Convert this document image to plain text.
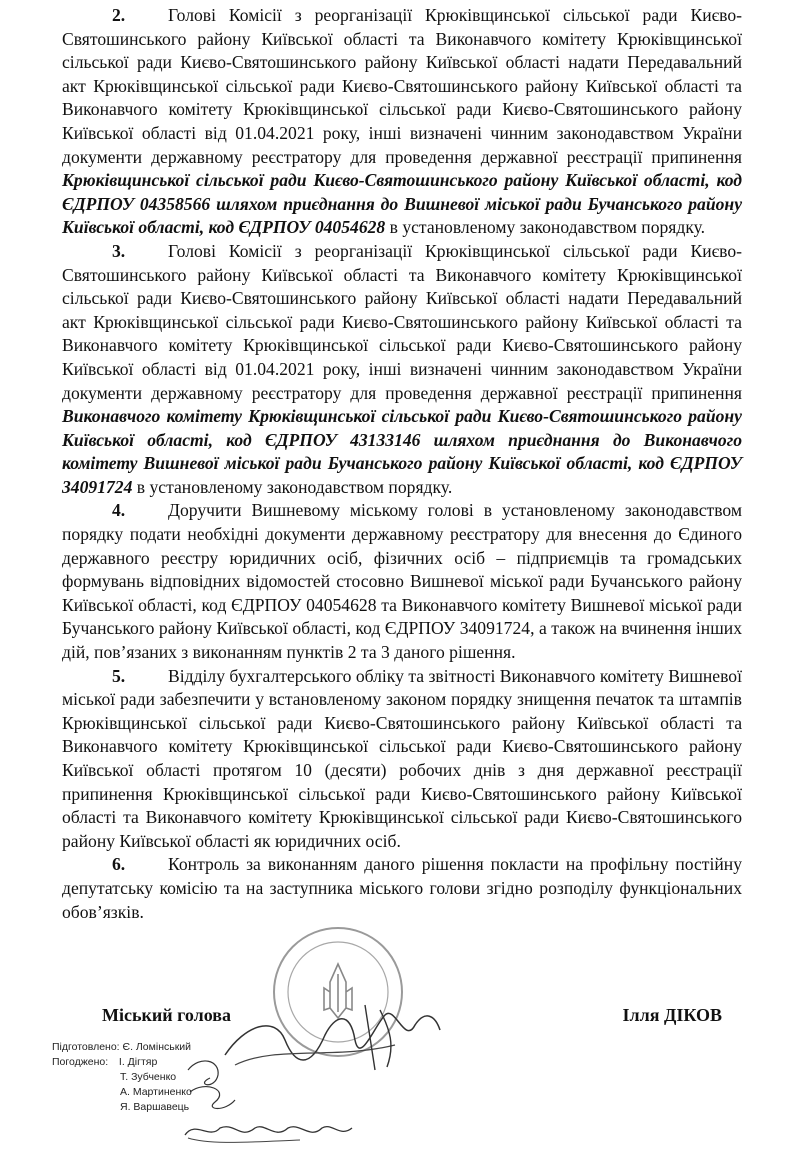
2. Голові Комісії з реорганізації Крюківщинської сільської ради Києво-Святошинського району Київської області та Виконавчого комітету Крюківщинської сільської ради Києво-Святошинського району Київської області надати Передавальний акт Крюківщинської сільської ради Києво-Святошинського району Київської області та Виконавчого комітету Крюківщинської сільської ради Києво-Святошинського району Київської області від 01.04.2021 року, інші визначені чинним законодавством України документи державному реєстратору для проведення державної реєстрації припинення Крюківщинської сільської ради Києво-Святошинського району Київської області, код ЄДРПОУ 04358566 шляхом приєднання до Вишневої міської ради Бучанського району Київської області, код ЄДРПОУ 04054628 в установленому законодавством порядку.

3. Голові Комісії з реорганізації Крюківщинської сільської ради Києво-Святошинського району Київської області та Виконавчого комітету Крюківщинської сільської ради Києво-Святошинського району Київської області надати Передавальний акт Крюківщинської сільської ради Києво-Святошинського району Київської області та Виконавчого комітету Крюківщинської сільської ради Києво-Святошинського району Київської області від 01.04.2021 року, інші визначені чинним законодавством України документи державному реєстратору для проведення державної реєстрації припинення Виконавчого комітету Крюківщинської сільської ради Києво-Святошинського району Київської області, код ЄДРПОУ 43133146 шляхом приєднання до Виконавчого комітету Вишневої міської ради Бучанського району Київської області, код ЄДРПОУ 34091724 в установленому законодавством порядку.

4. Доручити Вишневому міському голові в установленому законодавством порядку подати необхідні документи державному реєстратору для внесення до Єдиного державного реєстру юридичних осіб, фізичних осіб – підприємців та громадських формувань відповідних відомостей стосовно Вишневої міської ради Бучанського району Київської області, код ЄДРПОУ 04054628 та Виконавчого комітету Вишневої міської ради Бучанського району Київської області, код ЄДРПОУ 34091724, а також на вчинення інших дій, пов’язаних з виконанням пунктів 2 та 3 даного рішення.

5. Відділу бухгалтерського обліку та звітності Виконавчого комітету Вишневої міської ради забезпечити у встановленому законом порядку знищення печаток та штампів Крюківщинської сільської ради Києво-Святошинського району Київської області та Виконавчого комітету Крюківщинської сільської ради Києво-Святошинського району Київської області протягом 10 (десяти) робочих днів з дня державної реєстрації припинення Крюківщинської сільської ради Києво-Святошинського району Київської області та Виконавчого комітету Крюківщинської сільської ради Києво-Святошинського району Київської області як юридичних осіб.

6. Контроль за виконанням даного рішення покласти на профільну постійну депутатську комісію та на заступника міського голови згідно розподілу функціональних обов’язків.

Міський голова	Ілля ДІКОВ
Підготовлено: Є. Ломінський
Погоджено: І. Дігтяр
Т. Зубченко
А. Мартиненко
Я. Варшавець
